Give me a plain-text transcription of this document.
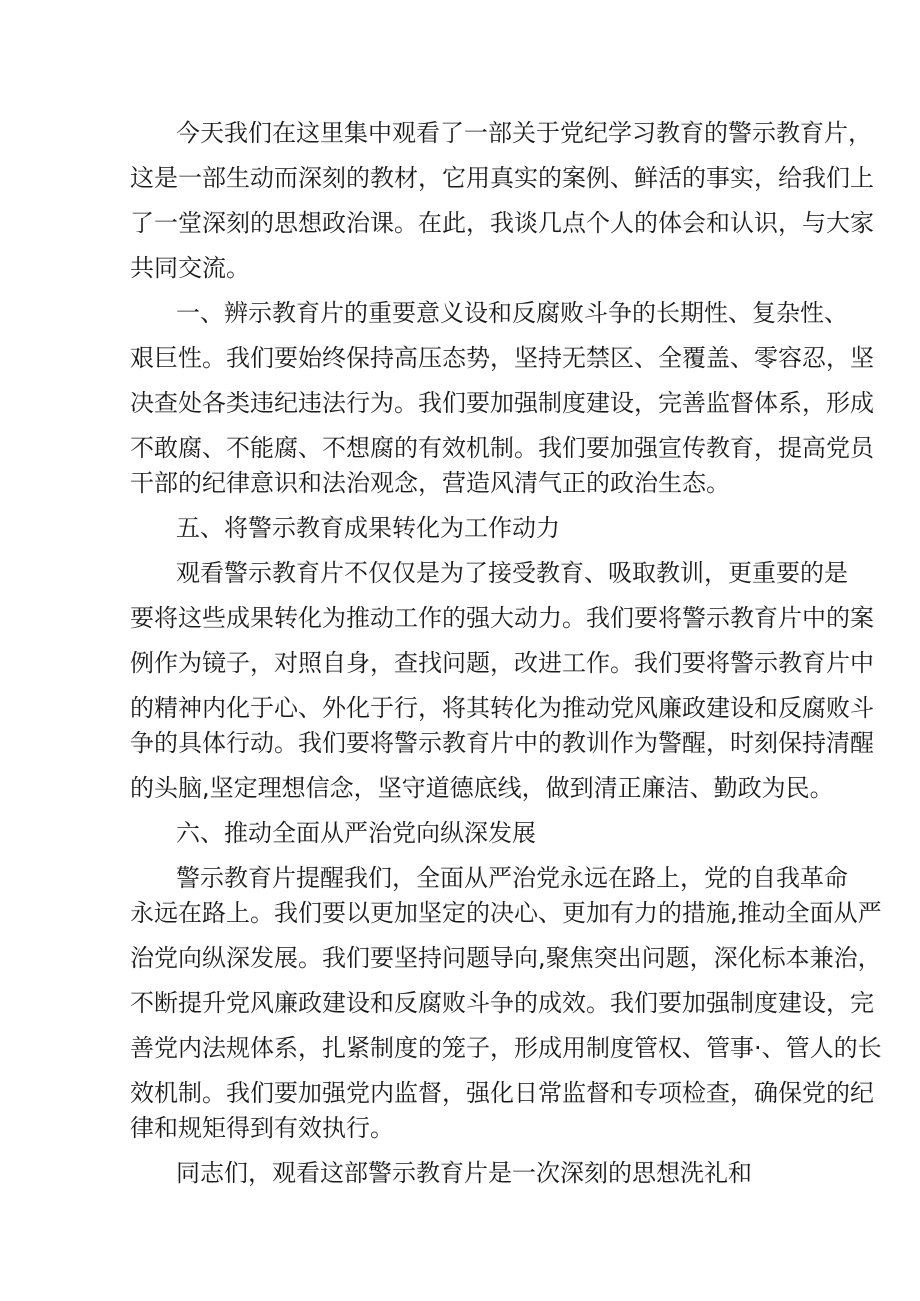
今天我们在这里集中观看了一部关于党纪学习教育的警示教育片，

这是一部生动而深刻的教材，它用真实的案例、鲜活的事实，给我们上

了一堂深刻的思想政治课。在此，我谈几点个人的体会和认识，与大家

共同交流。

一、辨示教育片的重要意义设和反腐败斗争的长期性、复杂性、

艰巨性。我们要始终保持高压态势，坚持无禁区、全覆盖、零容忍，坚

决查处各类违纪违法行为。我们要加强制度建设，完善监督体系，形成

不敢腐、不能腐、不想腐的有效机制。我们要加强宣传教育，提高党员

干部的纪律意识和法治观念，营造风清气正的政治生态。

五、将警示教育成果转化为工作动力

观看警示教育片不仅仅是为了接受教育、吸取教训，更重要的是

要将这些成果转化为推动工作的强大动力。我们要将警示教育片中的案

例作为镜子，对照自身，查找问题，改进工作。我们要将警示教育片中

的精神内化于心、外化于行，将其转化为推动党风廉政建设和反腐败斗

争的具体行动。我们要将警示教育片中的教训作为警醒，时刻保持清醒

的头脑,坚定理想信念，坚守道德底线，做到清正廉洁、勤政为民。

六、推动全面从严治党向纵深发展

警示教育片提醒我们，全面从严治党永远在路上，党的自我革命

永远在路上。我们要以更加坚定的决心、更加有力的措施,推动全面从严

治党向纵深发展。我们要坚持问题导向,聚焦突出问题，深化标本兼治，

不断提升党风廉政建设和反腐败斗争的成效。我们要加强制度建设，完

善党内法规体系，扎紧制度的笼子，形成用制度管权、管事·、管人的长

效机制。我们要加强党内监督，强化日常监督和专项检查，确保党的纪

律和规矩得到有效执行。

同志们，观看这部警示教育片是一次深刻的思想洗礼和
